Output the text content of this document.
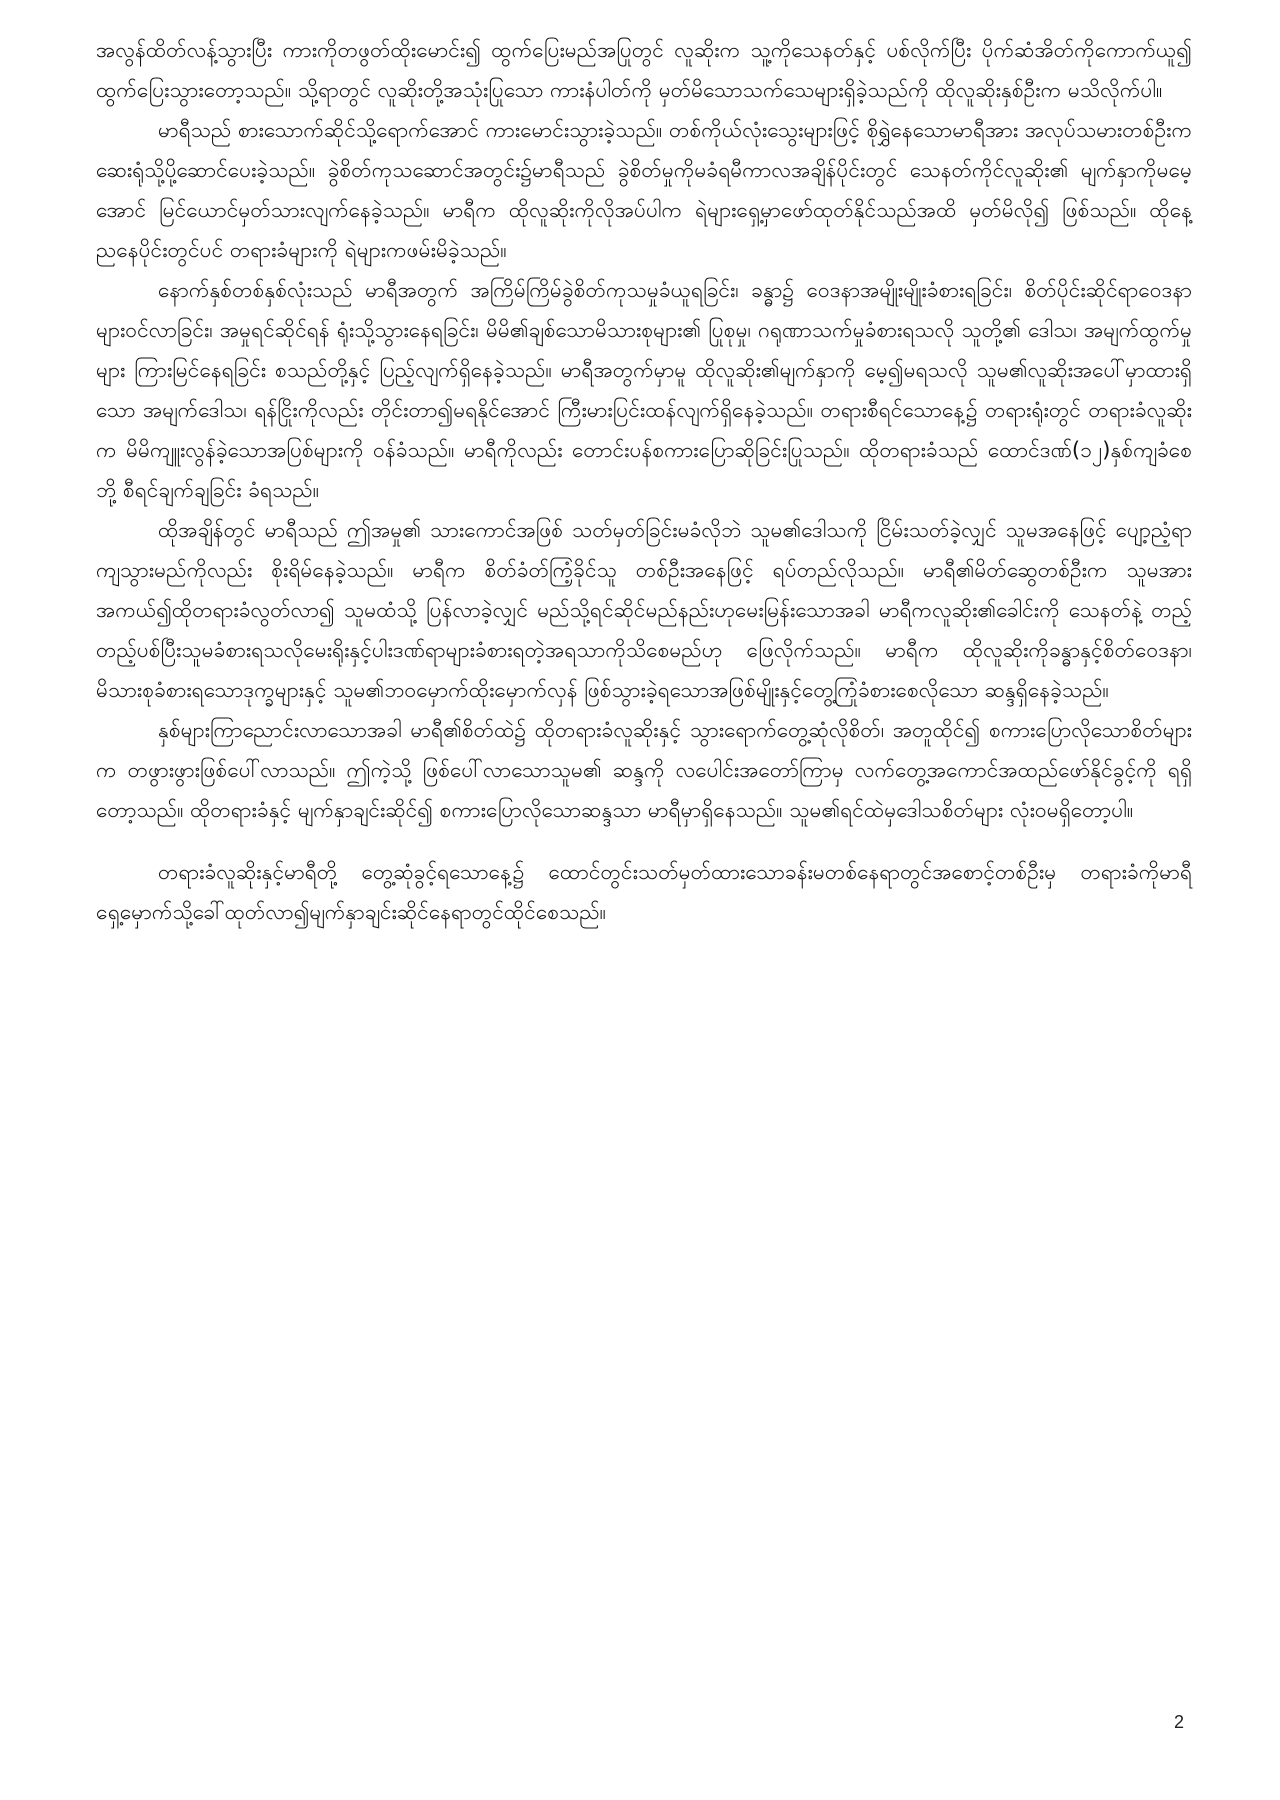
အလွန်ထိတ်လန့်သွားပြီး ကားကိုတဖွတ်ထိုးမောင်း၍ ထွက်ပြေးမည်အပြုတွင် လူဆိုးက သူ့ကိုသေနတ်နှင့် ပစ်လိုက်ပြီး ပိုက်ဆံအိတ်ကိုကောက်ယူ၍ ထွက်ပြေးသွားတော့သည်။ သို့ရာတွင် လူဆိုးတို့အသုံးပြုသော ကားနံပါတ်ကို မှတ်မိသောသက်သေများရှိခဲ့သည်ကို ထိုလူဆိုးနှစ်ဦးက မသိလိုက်ပါ။

မာရီသည် စားသောက်ဆိုင်သို့ရောက်အောင် ကားမောင်းသွားခဲ့သည်။ တစ်ကိုယ်လုံးသွေးများဖြင့် စိုရွှဲနေသောမာရီအား အလုပ်သမားတစ်ဦးက ဆေးရုံသို့ပို့ဆောင်ပေးခဲ့သည်။ ခွဲစိတ်ကုသဆောင်အတွင်း၌မာရီသည် ခွဲစိတ်မှုကိုမခံရမီကာလအချိန်ပိုင်းတွင် သေနတ်ကိုင်လူဆိုး၏ မျက်နှာကိုမမေ့အောင် မြင်ယောင်မှတ်သားလျက်နေခဲ့သည်။ မာရီက ထိုလူဆိုးကိုလိုအပ်ပါက ရဲများရှေ့မှာဖော်ထုတ်နိုင်သည်အထိ မှတ်မိလို၍ ဖြစ်သည်။ ထိုနေ့ညနေပိုင်းတွင်ပင် တရားခံများကို ရဲများကဖမ်းမိခဲ့သည်။

နောက်နှစ်တစ်နှစ်လုံးသည် မာရီအတွက် အကြိမ်ကြိမ်ခွဲစိတ်ကုသမှုခံယူရခြင်း၊ ခန္ဓာ၌ ဝေဒနာအမျိုးမျိုးခံစားရခြင်း၊ စိတ်ပိုင်းဆိုင်ရာဝေဒနာများဝင်လာခြင်း၊ အမှုရင်ဆိုင်ရန် ရုံးသို့သွားနေရခြင်း၊ မိမိ၏ချစ်သောမိသားစုများ၏ ပြုစုမှု၊ ဂရုဏာသက်မှုခံစားရသလို သူတို့၏ ဒေါသ၊ အမျက်ထွက်မှုများ ကြားမြင်နေရခြင်း စသည်တို့နှင့် ပြည့်လျက်ရှိနေခဲ့သည်။ မာရီအတွက်မှာမူ ထိုလူဆိုး၏မျက်နှာကို မေ့၍မရသလို သူမ၏လူဆိုးအပေါ်မှာထားရှိသော အမျက်ဒေါသ၊ ရန်ငြိုးကိုလည်း တိုင်းတာ၍မရနိုင်အောင် ကြီးမားပြင်းထန်လျက်ရှိနေခဲ့သည်။ တရားစီရင်သောနေ့၌ တရားရုံးတွင် တရားခံလူဆိုးက မိမိကျူးလွန်ခဲ့သောအပြစ်များကို ဝန်ခံသည်။ မာရီကိုလည်း တောင်းပန်စကားပြောဆိုခြင်းပြုသည်။ ထိုတရားခံသည် ထောင်ဒဏ်(၁၂)နှစ်ကျခံစေဘို့ စီရင်ချက်ချခြင်း ခံရသည်။

ထိုအချိန်တွင် မာရီသည် ဤအမှု၏ သားကောင်အဖြစ် သတ်မှတ်ခြင်းမခံလိုဘဲ သူမ၏ဒေါသကို ငြိမ်းသတ်ခဲ့လျှင် သူမအနေဖြင့် ပျော့ညံ့ရာကျသွားမည်ကိုလည်း စိုးရိမ်နေခဲ့သည်။ မာရီက စိတ်ခံတ်ကြံ့ခိုင်သူ တစ်ဦးအနေဖြင့် ရပ်တည်လိုသည်။ မာရီ၏မိတ်ဆွေတစ်ဦးက သူမအားအကယ်၍ထိုတရားခံလွတ်လာ၍ သူမထံသို့ ပြန်လာခဲ့လျှင် မည်သို့ရင်ဆိုင်မည်နည်းဟုမေးမြန်းသောအခါ မာရီကလူဆိုး၏ခေါင်းကို သေနတ်နဲ့ တည့်တည့်ပစ်ပြီးသူမခံစားရသလိုမေးရိုးနှင့်ပါးဒဏ်ရာများခံစားရတဲ့အရသာကိုသိစေမည်ဟု ဖြေလိုက်သည်။ မာရီက ထိုလူဆိုးကိုခန္ဓာနှင့်စိတ်ဝေဒနာ၊ မိသားစုခံစားရသောဒုက္ခများနှင့် သူမ၏ဘဝမှောက်ထိုးမှောက်လှန် ဖြစ်သွားခဲ့ရသောအဖြစ်မျိုးနှင့်တွေ့ကြုံခံစားစေလိုသော ဆန္ဒရှိနေခဲ့သည်။

နှစ်များကြာညောင်းလာသောအခါ မာရီ၏စိတ်ထဲ၌ ထိုတရားခံလူဆိုးနှင့် သွားရောက်တွေ့ဆုံလိုစိတ်၊ အတူထိုင်၍ စကားပြောလိုသောစိတ်များက တဖွားဖွားဖြစ်ပေါ်လာသည်။ ဤကဲ့သို့ ဖြစ်ပေါ်လာသောသူမ၏ ဆန္ဒကို လပေါင်းအတော်ကြာမှ လက်တွေ့အကောင်အထည်ဖော်နိုင်ခွင့်ကို ရရှိတော့သည်။ ထိုတရားခံနှင့် မျက်နှာချင်းဆိုင်၍ စကားပြောလိုသောဆန္ဒသာ မာရီမှာရှိနေသည်။ သူမ၏ရင်ထဲမှဒေါသစိတ်များ လုံးဝမရှိတော့ပါ။

တရားခံလူဆိုးနှင့်မာရီတို့ တွေ့ဆုံခွင့်ရသောနေ့၌ ထောင်တွင်းသတ်မှတ်ထားသောခန်းမတစ်နေရာတွင်အစောင့်တစ်ဦးမှ တရားခံကိုမာရီရှေ့မှောက်သို့ခေါ်ထုတ်လာ၍မျက်နှာချင်းဆိုင်နေရာတွင်ထိုင်စေသည်။

2
